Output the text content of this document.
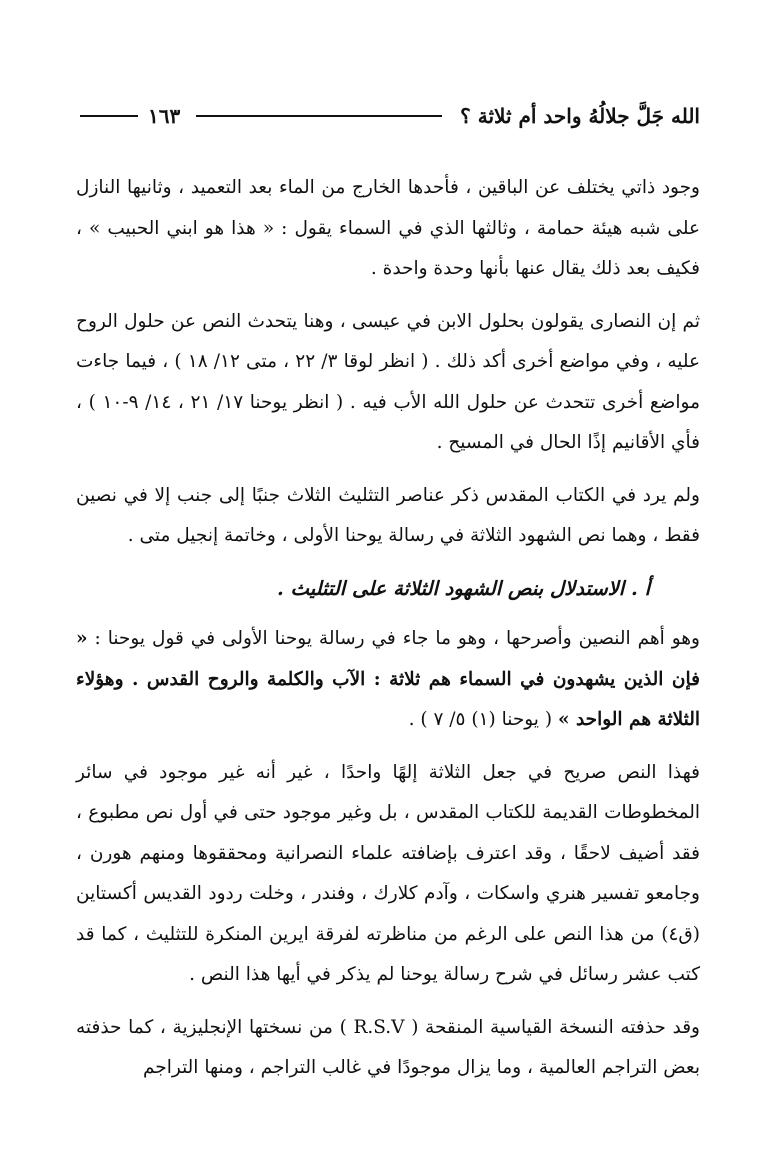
الله جَلَّ جلالُهُ واحد أم ثلاثة ؟
١٦٣

وجود ذاتي يختلف عن الباقين ، فأحدها الخارج من الماء بعد التعميد ، وثانيها النازل على شبه هيئة حمامة ، وثالثها الذي في السماء يقول : « هذا هو ابني الحبيب » ، فكيف بعد ذلك يقال عنها بأنها وحدة واحدة .

ثم إن النصارى يقولون بحلول الابن في عيسى ، وهنا يتحدث النص عن حلول الروح عليه ، وفي مواضع أخرى أكد ذلك . ( انظر لوقا ٣/ ٢٢ ، متى ١٢/ ١٨ ) ، فيما جاءت مواضع أخرى تتحدث عن حلول الله الأب فيه . ( انظر يوحنا ١٧/ ٢١ ، ١٤/ ٩-١٠ ) ، فأي الأقانيم إذًا الحال في المسيح .

ولم يرد في الكتاب المقدس ذكر عناصر التثليث الثلاث جنبًا إلى جنب إلا في نصين فقط ، وهما نص الشهود الثلاثة في رسالة يوحنا الأولى ، وخاتمة إنجيل متى .

أ . الاستدلال بنص الشهود الثلاثة على التثليث .

وهو أهم النصين وأصرحها ، وهو ما جاء في رسالة يوحنا الأولى في قول يوحنا : « فإن الذين يشهدون في السماء هم ثلاثة : الآب والكلمة والروح القدس . وهؤلاء الثلاثة هم الواحد » ( يوحنا (١) ٥/ ٧ ) .

فهذا النص صريح في جعل الثلاثة إلهًا واحدًا ، غير أنه غير موجود في سائر المخطوطات القديمة للكتاب المقدس ، بل وغير موجود حتى في أول نص مطبوع ، فقد أضيف لاحقًا ، وقد اعترف بإضافته علماء النصرانية ومحققوها ومنهم هورن ، وجامعو تفسير هنري واسكات ، وآدم كلارك ، وفندر ، وخلت ردود القديس أكستاين (ق٤) من هذا النص على الرغم من مناظرته لفرقة ايرين المنكرة للتثليث ، كما قد كتب عشر رسائل في شرح رسالة يوحنا لم يذكر في أيها هذا النص .

وقد حذفته النسخة القياسية المنقحة ( R.S.V ) من نسختها الإنجليزية ، كما حذفته بعض التراجم العالمية ، وما يزال موجودًا في غالب التراجم ، ومنها التراجم
